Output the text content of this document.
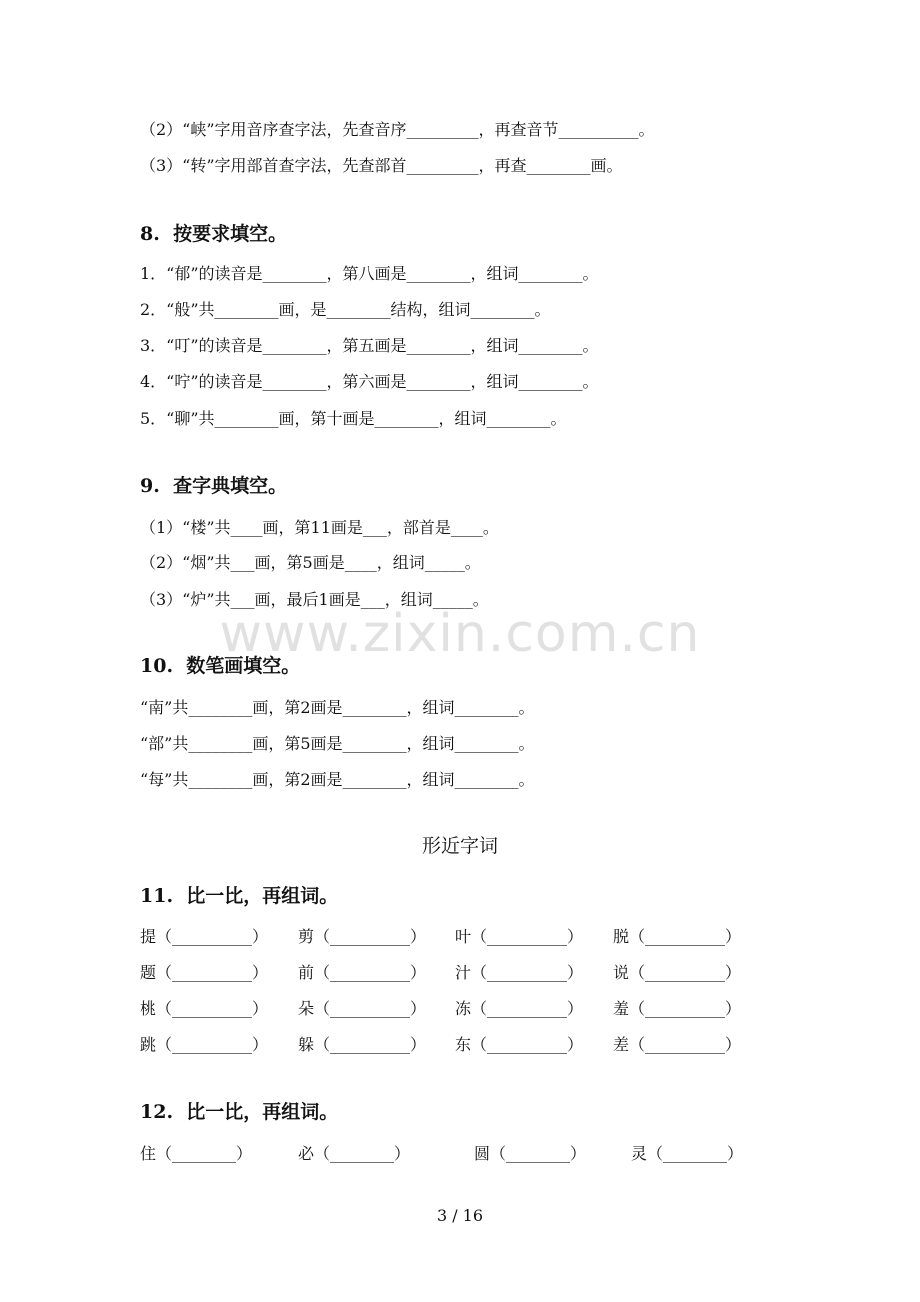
www.zixin.com.cn
（2）“峡”字用音序查字法，先查音序_________，再查音节__________。
（3）“转”字用部首查字法，先查部首_________，再查________画。
8.  按要求填空。
1．“郁”的读音是________，第八画是________，组词________。
2．“般”共________画，是________结构，组词________。
3．“叮”的读音是________，第五画是________，组词________。
4．“咛”的读音是________，第六画是________，组词________。
5．“聊”共________画，第十画是________，组词________。
9.  查字典填空。
（1）“楼”共____画，第11画是___，部首是____。
（2）“烟”共___画，第5画是____，组词_____。
（3）“炉”共___画，最后1画是___，组词_____。
10.  数笔画填空。
“南”共________画，第2画是________，组词________。
“部”共________画，第5画是________，组词________。
“每”共________画，第2画是________，组词________。
形近字词
11.  比一比，再组词。
提（__________） 剪（__________） 叶（__________） 脱（__________）
题（__________） 前（__________） 汁（__________） 说（__________）
桃（__________） 朵（__________） 冻（__________） 羞（__________）
跳（__________） 躲（__________） 东（__________） 差（__________）
12.  比一比，再组词。
住（________）	必（________）	圆（________）	灵（________）
3 / 16
